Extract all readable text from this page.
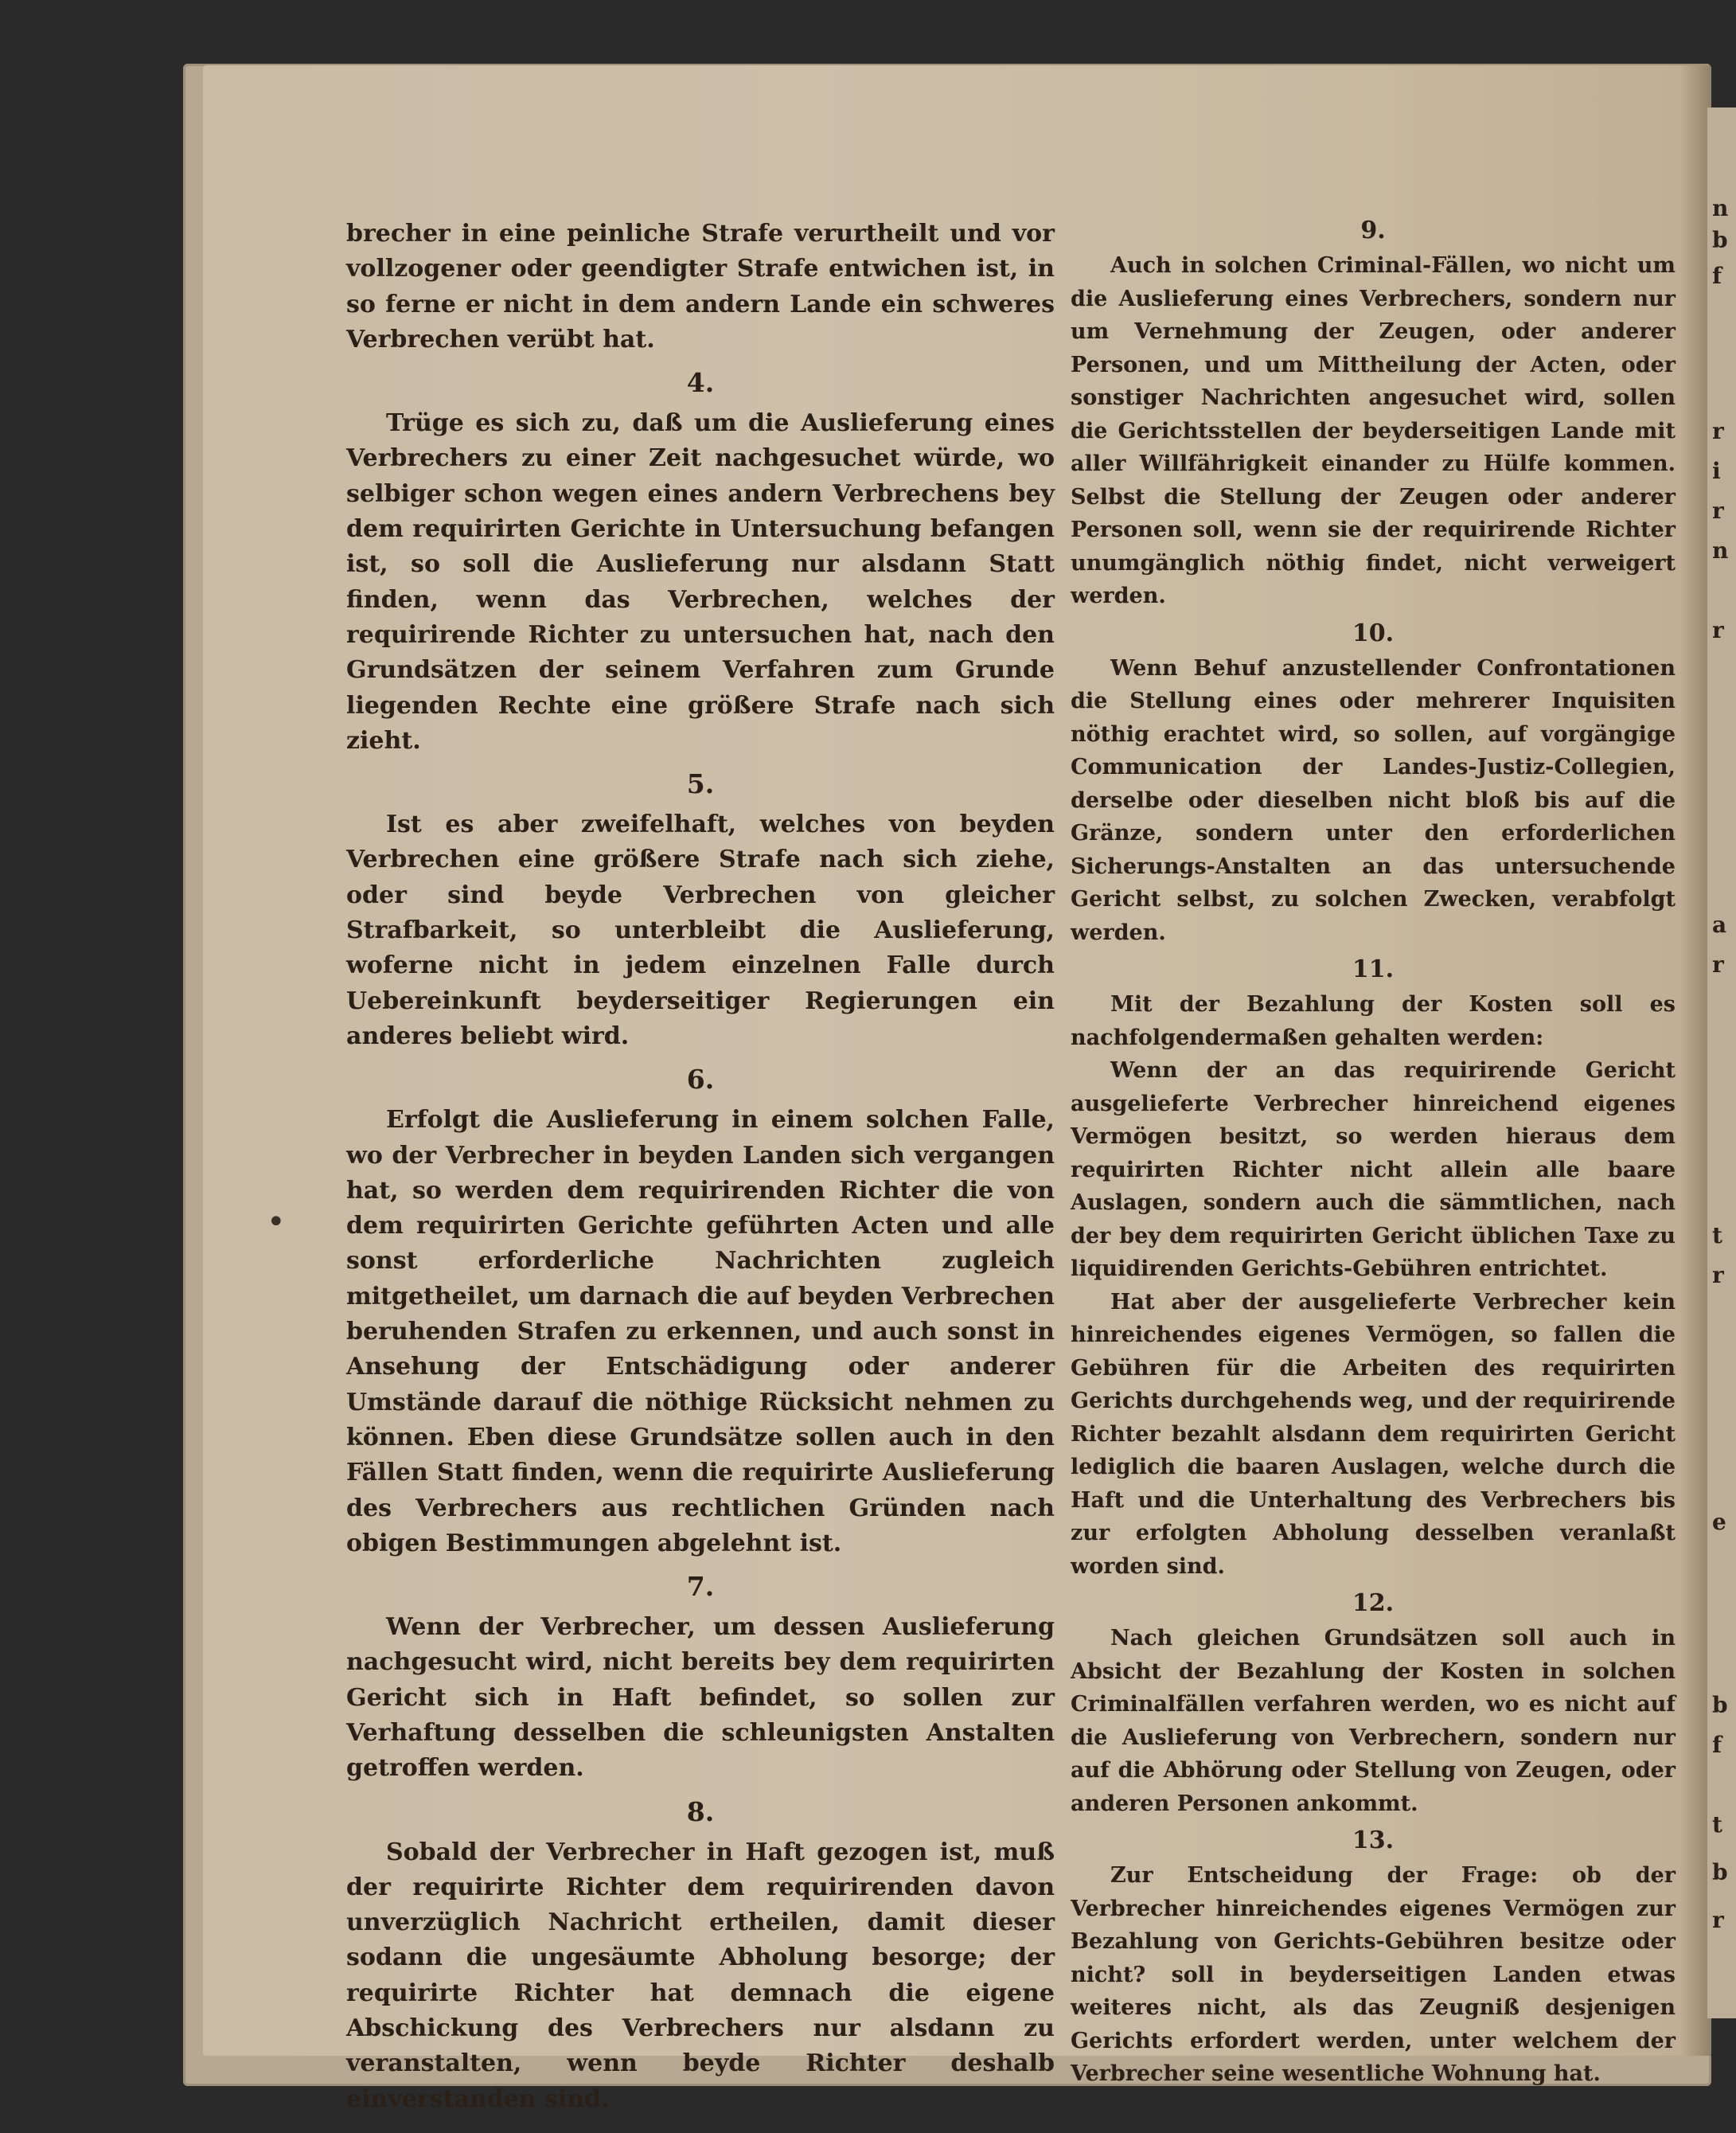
brecher in eine peinliche Strafe verurtheilt und vor vollzogener oder geendigter Strafe entwichen ist, in so ferne er nicht in dem andern Lande ein schweres Verbrechen verübt hat.

4.

Trüge es sich zu, daß um die Auslieferung eines Verbrechers zu einer Zeit nachgesuchet würde, wo selbiger schon wegen eines andern Verbrechens bey dem requirirten Gerichte in Untersuchung befangen ist, so soll die Auslieferung nur alsdann Statt finden, wenn das Verbrechen, welches der requirirende Richter zu untersuchen hat, nach den Grundsätzen der seinem Verfahren zum Grunde liegenden Rechte eine größere Strafe nach sich zieht.

5.

Ist es aber zweifelhaft, welches von beyden Verbrechen eine größere Strafe nach sich ziehe, oder sind beyde Verbrechen von gleicher Strafbarkeit, so unterbleibt die Auslieferung, woferne nicht in jedem einzelnen Falle durch Uebereinkunft beyderseitiger Regierungen ein anderes beliebt wird.

6.

Erfolgt die Auslieferung in einem solchen Falle, wo der Verbrecher in beyden Landen sich vergangen hat, so werden dem requirirenden Richter die von dem requirirten Gerichte geführten Acten und alle sonst erforderliche Nachrichten zugleich mitgetheilet, um darnach die auf beyden Verbrechen beruhenden Strafen zu erkennen, und auch sonst in Ansehung der Entschädigung oder anderer Umstände darauf die nöthige Rücksicht nehmen zu können. Eben diese Grundsätze sollen auch in den Fällen Statt finden, wenn die requirirte Auslieferung des Verbrechers aus rechtlichen Gründen nach obigen Bestimmungen abgelehnt ist.

7.

Wenn der Verbrecher, um dessen Auslieferung nachgesucht wird, nicht bereits bey dem requirirten Gericht sich in Haft befindet, so sollen zur Verhaftung desselben die schleunigsten Anstalten getroffen werden.

8.

Sobald der Verbrecher in Haft gezogen ist, muß der requirirte Richter dem requirirenden davon unverzüglich Nachricht ertheilen, damit dieser sodann die ungesäumte Abholung besorge; der requirirte Richter hat demnach die eigene Abschickung des Verbrechers nur alsdann zu veranstalten, wenn beyde Richter deshalb einverstanden sind.

9.

Auch in solchen Criminal-Fällen, wo nicht um die Auslieferung eines Verbrechers, sondern nur um Vernehmung der Zeugen, oder anderer Personen, und um Mittheilung der Acten, oder sonstiger Nachrichten angesuchet wird, sollen die Gerichtsstellen der beyderseitigen Lande mit aller Willfährigkeit einander zu Hülfe kommen. Selbst die Stellung der Zeugen oder anderer Personen soll, wenn sie der requirirende Richter unumgänglich nöthig findet, nicht verweigert werden.

10.

Wenn Behuf anzustellender Confrontationen die Stellung eines oder mehrerer Inquisiten nöthig erachtet wird, so sollen, auf vorgängige Communication der Landes-Justiz-Collegien, derselbe oder dieselben nicht bloß bis auf die Gränze, sondern unter den erforderlichen Sicherungs-Anstalten an das untersuchende Gericht selbst, zu solchen Zwecken, verabfolgt werden.

11.

Mit der Bezahlung der Kosten soll es nachfolgendermaßen gehalten werden:

Wenn der an das requirirende Gericht ausgelieferte Verbrecher hinreichend eigenes Vermögen besitzt, so werden hieraus dem requirirten Richter nicht allein alle baare Auslagen, sondern auch die sämmtlichen, nach der bey dem requirirten Gericht üblichen Taxe zu liquidirenden Gerichts-Gebühren entrichtet.

Hat aber der ausgelieferte Verbrecher kein hinreichendes eigenes Vermögen, so fallen die Gebühren für die Arbeiten des requirirten Gerichts durchgehends weg, und der requirirende Richter bezahlt alsdann dem requirirten Gericht lediglich die baaren Auslagen, welche durch die Haft und die Unterhaltung des Verbrechers bis zur erfolgten Abholung desselben veranlaßt worden sind.

12.

Nach gleichen Grundsätzen soll auch in Absicht der Bezahlung der Kosten in solchen Criminalfällen verfahren werden, wo es nicht auf die Auslieferung von Verbrechern, sondern nur auf die Abhörung oder Stellung von Zeugen, oder anderen Personen ankommt.

13.

Zur Entscheidung der Frage: ob der Verbrecher hinreichendes eigenes Vermögen zur Bezahlung von Gerichts-Gebühren besitze oder nicht? soll in beyderseitigen Landen etwas weiteres nicht, als das Zeugniß desjenigen Gerichts erfordert werden, unter welchem der Verbrecher seine wesentliche Wohnung hat.

•
n
b
f
r
i
r
n
r
a
r
t
r
e
b
f
t
b
r
